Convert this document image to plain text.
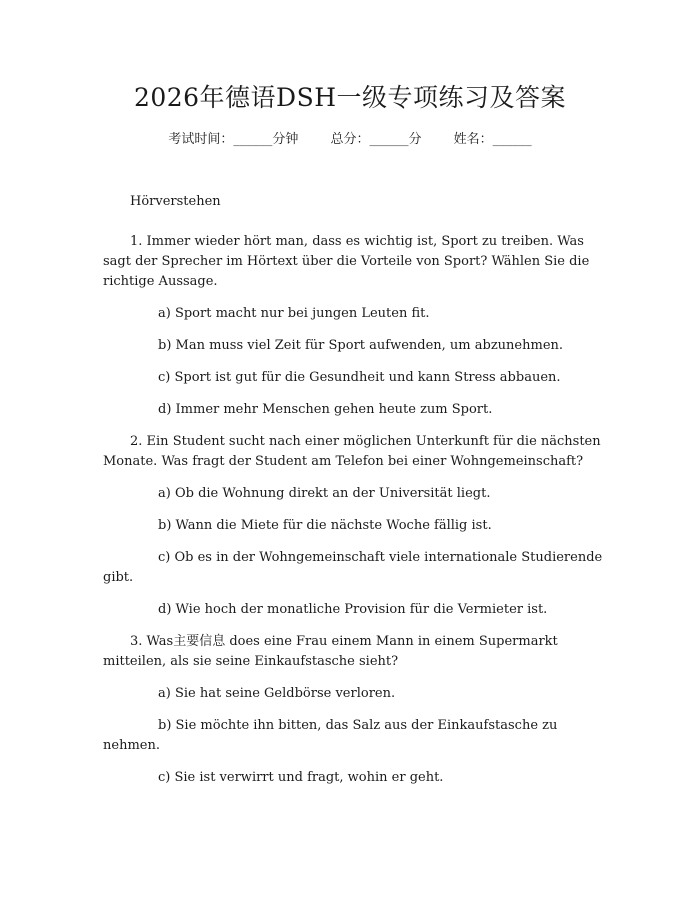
2026年德语DSH一级专项练习及答案
考试时间：______分钟 总分：______分 姓名：______

Hörverstehen

1. Immer wieder hört man, dass es wichtig ist, Sport zu treiben. Was sagt der Sprecher im Hörtext über die Vorteile von Sport? Wählen Sie die richtige Aussage.

a) Sport macht nur bei jungen Leuten fit.

b) Man muss viel Zeit für Sport aufwenden, um abzunehmen.

c) Sport ist gut für die Gesundheit und kann Stress abbauen.

d) Immer mehr Menschen gehen heute zum Sport.

2. Ein Student sucht nach einer möglichen Unterkunft für die nächsten Monate. Was fragt der Student am Telefon bei einer Wohngemeinschaft?

a) Ob die Wohnung direkt an der Universität liegt.

b) Wann die Miete für die nächste Woche fällig ist.

c) Ob es in der Wohngemeinschaft viele internationale Studierende gibt.

d) Wie hoch der monatliche Provision für die Vermieter ist.

3. Was主要信息 does eine Frau einem Mann in einem Supermarkt mitteilen, als sie seine Einkaufstasche sieht?

a) Sie hat seine Geldbörse verloren.

b) Sie möchte ihn bitten, das Salz aus der Einkaufstasche zu nehmen.

c) Sie ist verwirrt und fragt, wohin er geht.
